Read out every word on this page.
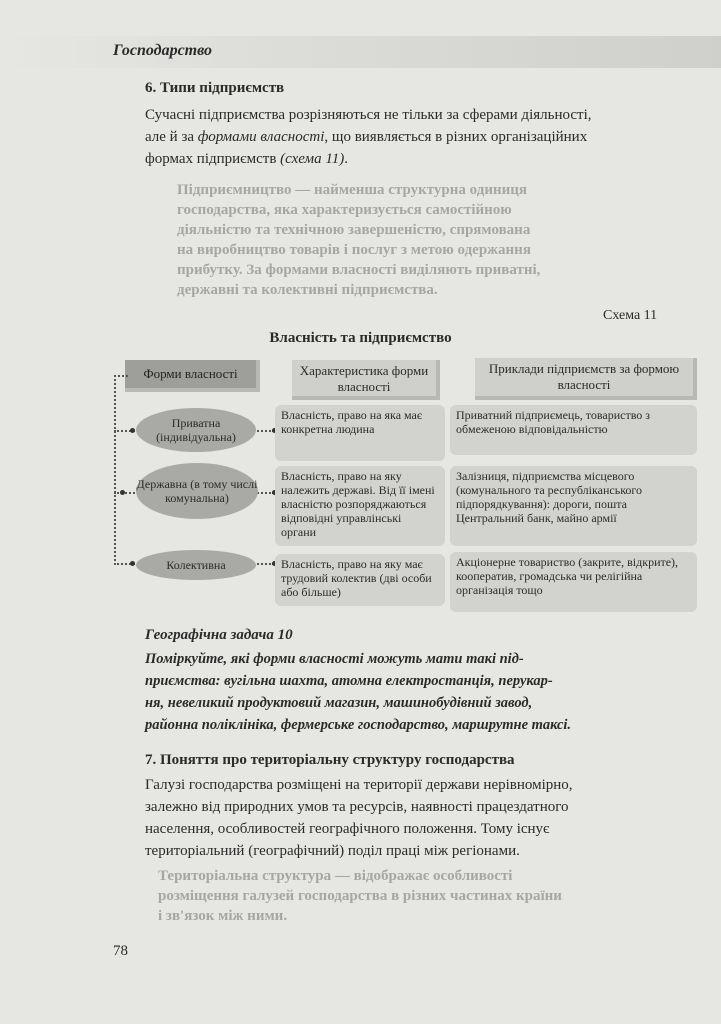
Господарство
6. Типи підприємств
Сучасні підприємства розрізняються не тільки за сферами діяльності,
але й за формами власності, що виявляється в різних організаційних
формах підприємств (схема 11).
Підприємництво — найменша структурна одиниця
господарства, яка характеризується самостійною
діяльністю та технічною завершеністю, спрямована
на виробництво товарів і послуг з метою одержання
прибутку. За формами власності виділяють приватні,
державні та колективні підприємства.
Схема 11
Власність та підприємство
Форми власності	Характеристика форми власності
Приклади підприємств за формою власності
Приватна (індивідуальна)
Власність, право на яка має конкретна людина
Приватний підприємець, товариство з обмеженою відповідальністю
Державна (в тому числі комунальна)
Власність, право на яку належить державі. Від її імені власністю розпоряджаються відповідні управлінські органи
Залізниця, підприємства місцевого (комунального та республіканського підпорядкування): дороги, пошта Центральний банк, майно армії
Колективна	Власність, право на яку має трудовий колектив (дві особи або більше)
Акціонерне товариство (закрите, відкрите), кооператив, громадська чи релігійна організація тощо
Географічна задача 10
Поміркуйте, які форми власності можуть мати такі під-
приємства: вугільна шахта, атомна електростанція, перукар-
ня, невеликий продуктовий магазин, машинобудівний завод,
районна поліклініка, фермерське господарство, маршрутне таксі.
7. Поняття про територіальну структуру господарства
Галузі господарства розміщені на території держави нерівномірно,
залежно від природних умов та ресурсів, наявності працездатного
населення, особливостей географічного положення. Тому існує
територіальний (географічний) поділ праці між регіонами.
Територіальна структура — відображає особливості
розміщення галузей господарства в різних частинах країни
і зв'язок між ними.
78
